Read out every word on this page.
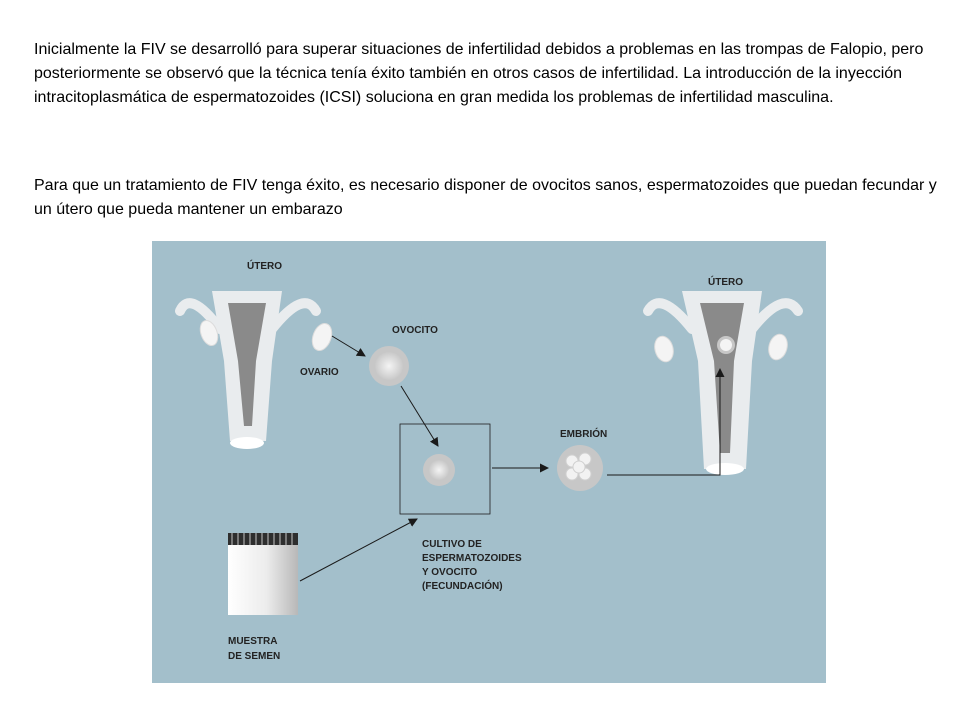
Inicialmente la FIV se desarrolló para superar situaciones de infertilidad debidos a problemas en las trompas de Falopio, pero posteriormente se observó que la técnica tenía éxito también en otros casos de infertilidad. La introducción de la inyección intracitoplasmática de espermatozoides (ICSI) soluciona en gran medida los problemas de infertilidad masculina.

Para que un tratamiento de FIV tenga éxito, es necesario disponer de ovocitos sanos, espermatozoides que puedan fecundar y un útero que pueda mantener un embarazo

ÚTERO
OVOCITO
OVARIO
EMBRIÓN
ÚTERO
CULTIVO DE
ESPERMATOZOIDES
Y OVOCITO
(FECUNDACIÓN)
MUESTRA
DE SEMEN
